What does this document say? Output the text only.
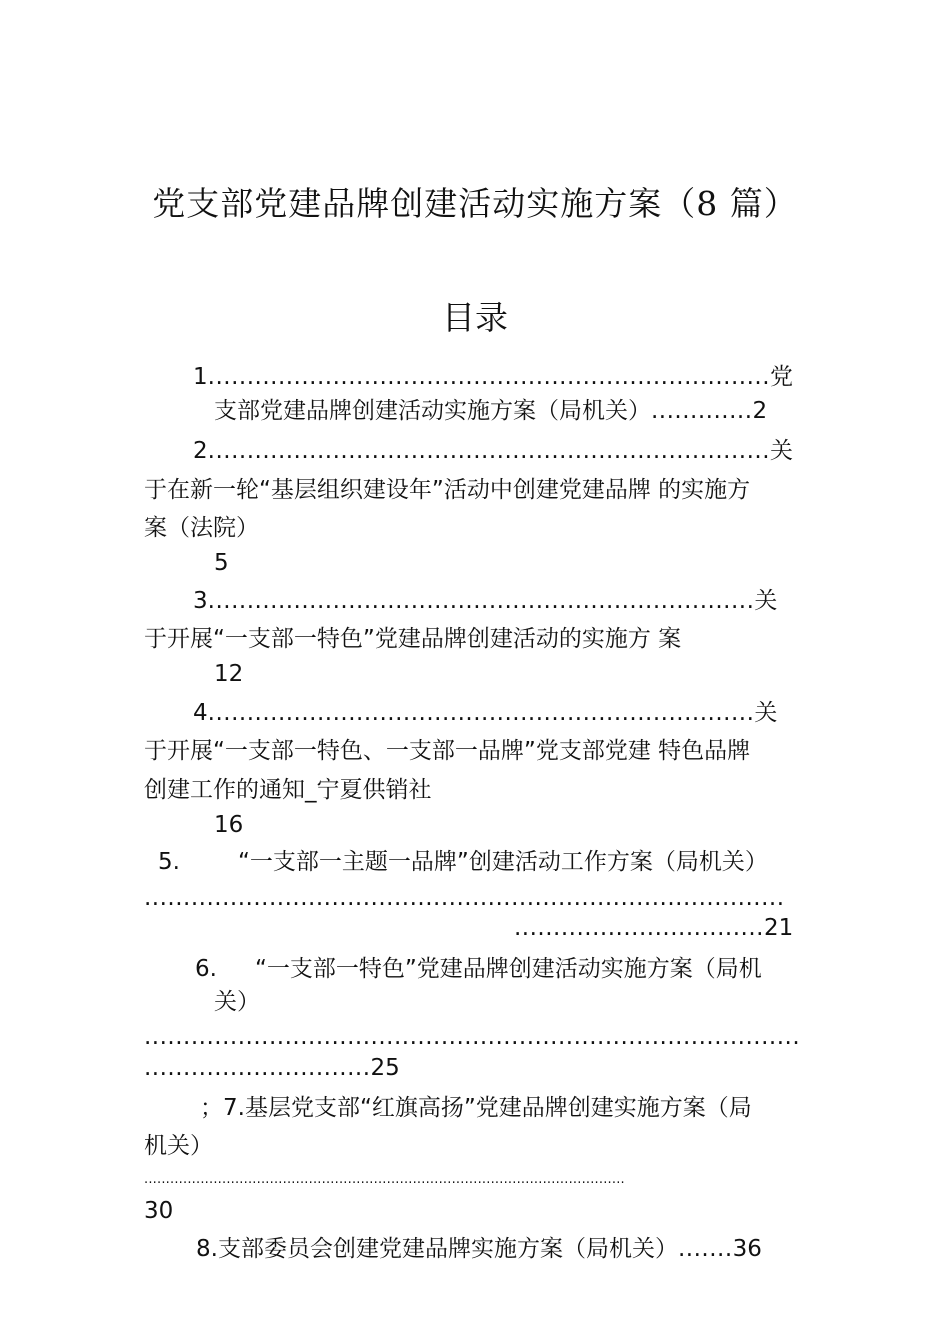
党支部党建品牌创建活动实施方案（8 篇）
目录
1........................................................................党
支部党建品牌创建活动实施方案（局机关）.............2
2........................................................................关
于在新一轮“基层组织建设年”活动中创建党建品牌 的实施方
案（法院）
5
3......................................................................关
于开展“一支部一特色”党建品牌创建活动的实施方 案
12
4......................................................................关
于开展“一支部一特色、一支部一品牌”党支部党建 特色品牌
创建工作的通知_宁夏供销社
16
5.	“一支部一主题一品牌”创建活动工作方案（局机关）
..................................................................................
................................21
6. “一支部一特色”党建品牌创建活动实施方案（局机
关）
....................................................................................
.............................25
；7.基层党支部“红旗高扬”党建品牌创建实施方案（局
机关）
...............................................................................................................
30
8.支部委员会创建党建品牌实施方案（局机关）.......36
